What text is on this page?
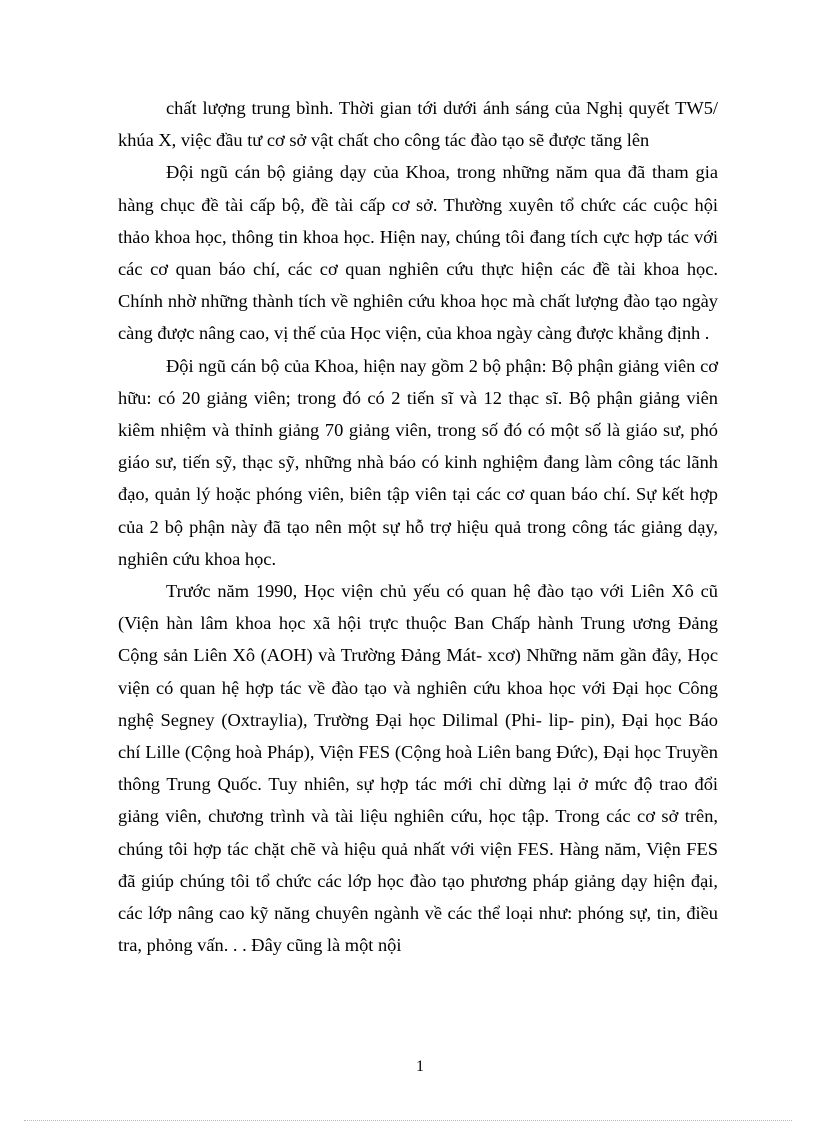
chất lượng trung bình. Thời gian tới dưới ánh sáng của Nghị quyết TW5/ khúa X, việc đầu tư cơ sở vật chất cho công tác đào tạo sẽ được tăng lên

Đội ngũ cán bộ giảng dạy của Khoa, trong những năm qua đã tham gia hàng chục đề tài cấp bộ, đề tài cấp cơ sở. Thường xuyên tổ chức các cuộc hội thảo khoa học, thông tin khoa học. Hiện nay, chúng tôi đang tích cực hợp tác với các cơ quan báo chí, các cơ quan nghiên cứu thực hiện các đề tài khoa học. Chính nhờ những thành tích về nghiên cứu khoa học mà chất lượng đào tạo ngày càng được nâng cao, vị thế của Học viện, của khoa ngày càng được khẳng định .

Đội ngũ cán bộ của Khoa, hiện nay gồm 2 bộ phận: Bộ phận giảng viên cơ hữu: có 20 giảng viên; trong đó có 2 tiến sĩ và 12 thạc sĩ. Bộ phận giảng viên kiêm nhiệm và thỉnh giảng 70 giảng viên, trong số đó có một số là giáo sư, phó giáo sư, tiến sỹ, thạc sỹ, những nhà báo có kinh nghiệm đang làm công tác lãnh đạo, quản lý hoặc phóng viên, biên tập viên tại các cơ quan báo chí. Sự kết hợp của 2 bộ phận này đã tạo nên một sự hỗ trợ hiệu quả trong công tác giảng dạy, nghiên cứu khoa học.

Trước năm 1990, Học viện chủ yếu có quan hệ đào tạo với Liên Xô cũ (Viện hàn lâm khoa học xã hội trực thuộc Ban Chấp hành Trung ương Đảng Cộng sản Liên Xô (AOH) và Trường Đảng Mát- xcơ) Những năm gần đây, Học viện có quan hệ hợp tác về đào tạo và nghiên cứu khoa học với Đại học Công nghệ Segney (Oxtraylia), Trường Đại học Dilimal (Phi- lip- pin), Đại học Báo chí Lille (Cộng hoà Pháp), Viện FES (Cộng hoà Liên bang Đức), Đại học Truyền thông Trung Quốc. Tuy nhiên, sự hợp tác mới chỉ dừng lại ở mức độ trao đổi giảng viên, chương trình và tài liệu nghiên cứu, học tập. Trong các cơ sở trên, chúng tôi hợp tác chặt chẽ và hiệu quả nhất với viện FES. Hàng năm, Viện FES đã giúp chúng tôi tổ chức các lớp học đào tạo phương pháp giảng dạy hiện đại, các lớp nâng cao kỹ năng chuyên ngành về các thể loại như: phóng sự, tin, điều tra, phỏng vấn. . . Đây cũng là một nội

1
